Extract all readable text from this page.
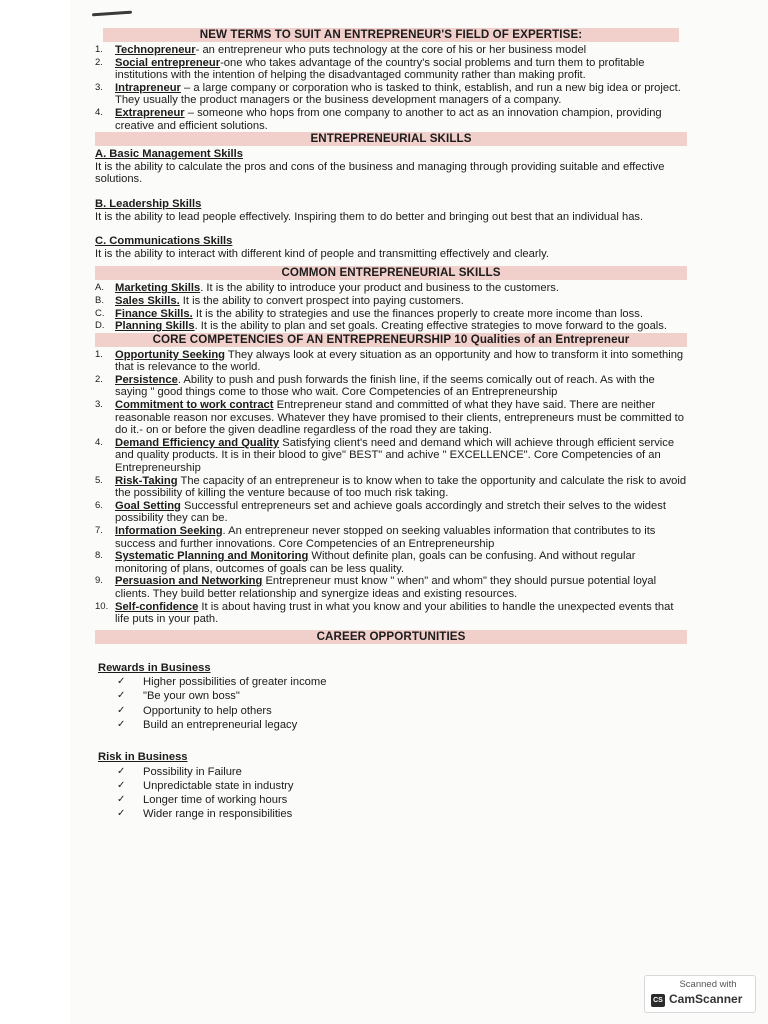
NEW TERMS TO SUIT AN ENTREPRENEUR'S FIELD OF EXPERTISE:
1. Technopreneur- an entrepreneur who puts technology at the core of his or her business model
2. Social entrepreneur-one who takes advantage of the country's social problems and turn them to profitable institutions with the intention of helping the disadvantaged community rather than making profit.
3. Intrapreneur – a large company or corporation who is tasked to think, establish, and run a new big idea or project. They usually the product managers or the business development managers of a company.
4. Extrapreneur – someone who hops from one company to another to act as an innovation champion, providing creative and efficient solutions.
ENTREPRENEURIAL SKILLS
A. Basic Management Skills

It is the ability to calculate the pros and cons of the business and managing through providing suitable and effective solutions.

B. Leadership Skills

It is the ability to lead people effectively. Inspiring them to do better and bringing out best that an individual has.

C. Communications Skills

It is the ability to interact with different kind of people and transmitting effectively and clearly.

COMMON ENTREPRENEURIAL SKILLS
A. Marketing Skills. It is the ability to introduce your product and business to the customers.
B. Sales Skills. It is the ability to convert prospect into paying customers.
C. Finance Skills. It is the ability to strategies and use the finances properly to create more income than loss.
D. Planning Skills. It is the ability to plan and set goals. Creating effective strategies to move forward to the goals.
CORE COMPETENCIES OF AN ENTREPRENEURSHIP 10 Qualities of an Entrepreneur
1. Opportunity Seeking They always look at every situation as an opportunity and how to transform it into something that is relevance to the world.
2. Persistence. Ability to push and push forwards the finish line, if the seems comically out of reach. As with the saying " good things come to those who wait. Core Competencies of an Entrepreneurship
3. Commitment to work contract Entrepreneur stand and committed of what they have said. There are neither reasonable reason nor excuses. Whatever they have promised to their clients, entrepreneurs must be committed to do it.- on or before the given deadline regardless of the road they are taking.
4. Demand Efficiency and Quality Satisfying client's need and demand which will achieve through efficient service and quality products. It is in their blood to give" BEST" and achive " EXCELLENCE". Core Competencies of an Entrepreneurship
5. Risk-Taking The capacity of an entrepreneur is to know when to take the opportunity and calculate the risk to avoid the possibility of killing the venture because of too much risk taking.
6. Goal Setting Successful entrepreneurs set and achieve goals accordingly and stretch their selves to the widest possibility they can be.
7. Information Seeking. An entrepreneur never stopped on seeking valuables information that contributes to its success and further innovations. Core Competencies of an Entrepreneurship
8. Systematic Planning and Monitoring Without definite plan, goals can be confusing. And without regular monitoring of plans, outcomes of goals can be less quality.
9. Persuasion and Networking Entrepreneur must know " when" and whom" they should pursue potential loyal clients. They build better relationship and synergize ideas and existing resources.
10. Self-confidence It is about having trust in what you know and your abilities to handle the unexpected events that life puts in your path.
CAREER OPPORTUNITIES
Rewards in Business
✓ Higher possibilities of greater income
✓ "Be your own boss"
✓ Opportunity to help others
✓ Build an entrepreneurial legacy
Risk in Business
✓ Possibility in Failure
✓ Unpredictable state in industry
✓ Longer time of working hours
✓ Wider range in responsibilities
Scanned with
CS CamScanner
